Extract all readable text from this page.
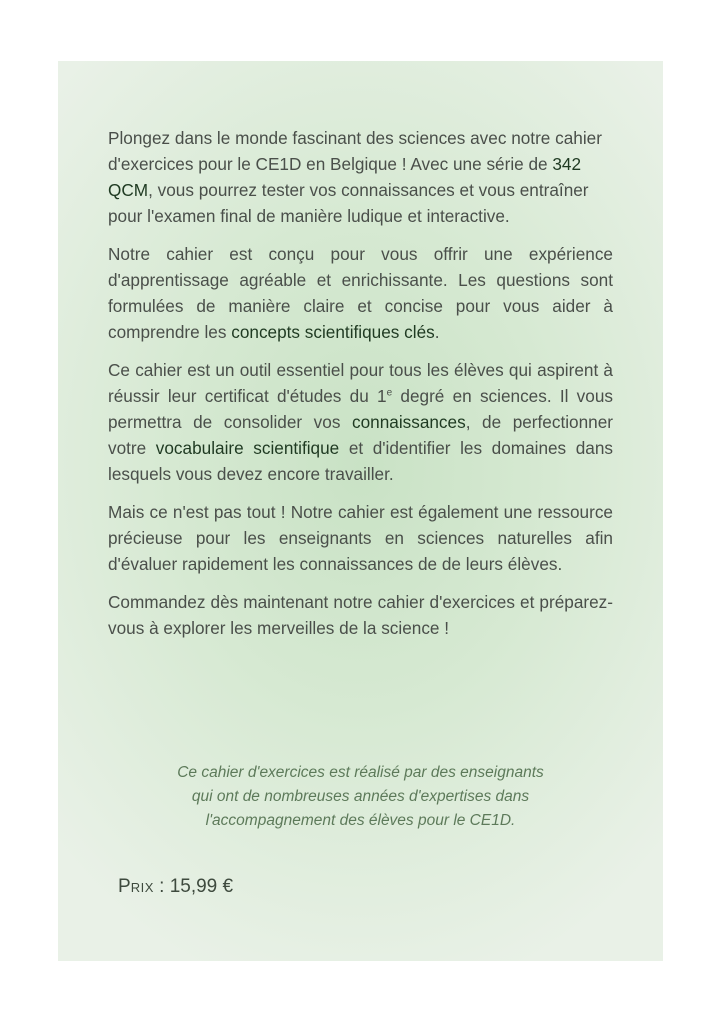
Plongez dans le monde fascinant des sciences avec notre cahier d'exercices pour le CE1D en Belgique ! Avec une série de 342 QCM, vous pourrez tester vos connaissances et vous entraîner pour l'examen final de manière ludique et interactive.

Notre cahier est conçu pour vous offrir une expérience d'apprentissage agréable et enrichissante. Les questions sont formulées de manière claire et concise pour vous aider à comprendre les concepts scientifiques clés.

Ce cahier est un outil essentiel pour tous les élèves qui aspirent à réussir leur certificat d'études du 1e degré en sciences. Il vous permettra de consolider vos connaissances, de perfectionner votre vocabulaire scientifique et d'identifier les domaines dans lesquels vous devez encore travailler.

Mais ce n'est pas tout ! Notre cahier est également une ressource précieuse pour les enseignants en sciences naturelles afin d'évaluer rapidement les connaissances de de leurs élèves.

Commandez dès maintenant notre cahier d'exercices et préparez-vous à explorer les merveilles de la science !

Ce cahier d'exercices est réalisé par des enseignants
qui ont de nombreuses années d'expertises dans
l'accompagnement des élèves pour le CE1D.
PRIX : 15,99 €
